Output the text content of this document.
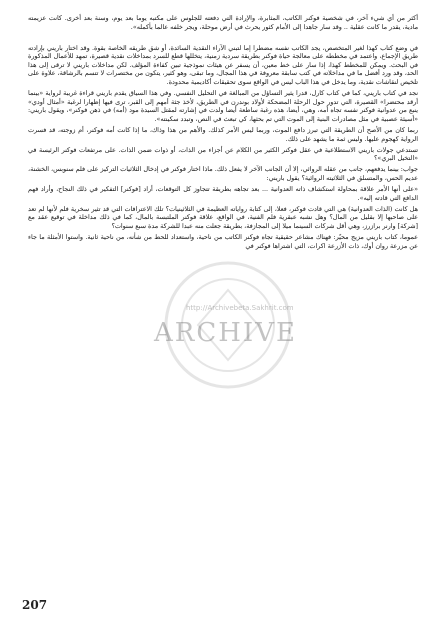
http://Archivebeta.Sakhrit.com
ARCHIVE

أكثر من أي شيء آخر، في شخصية فوكنر الكاتب، المثابرة، والإرادة التي دفعته للجلوس على مكتبه يوما بعد يوم، وسنة بعد أخرى. كانت عزيمته مادية، يقدر ما كانت عقلية .. وقد سار جاهدا إلى الأمام كثور يحرث في أرض موحلة، ويجر خلفه عالما بأكمله».

في وضع كتاب كهذا لغير المتخصص، يجد الكاتب نفسه مضطرا إما لتبني الآراء النقدية السائدة، أو شق طريقه الخاصة بقوة. وقد اختار باريني بإرادته طريق الإجماع، واعتمد في مخططه على معالجة حياة فوكنر بطريقة سردية زمنية، يتخللها قطع للسرد بمداخلات نقدية قصيرة، تمهد للأعمال المذكورة في البحث. ويمكن للمخطط كهذا، إذا سار على خط معين، أن يسفر عن هيئات نموذجية تبين كفاءة المؤلف. لكن مداخلات باريني لا ترقى إلى هذا الحد، وقد ورد أفضل ما في مداخلاته في كتب سابقة معروفة في هذا المجال، وما تبقى، وهو كثير، يتكون من مختصرات لا تتسم بالرشاقة، علاوة على تلخيص لنقاشات نقدية، وما يدخل في هذا الباب ليس في الواقع سوى تحقيقات أكاديمية محدودة.

نجد في كتاب باريني، كما في كتاب كارل، قدرا يثير التساؤل من المبالغة في التحليل النفسي. وفي هذا السياق يقدم باريني قراءة غريبة لرواية «بينما أرقد محتضرا» القصيرة، التي تدور حول الرحلة المضحكة لأولاد بوندرن في الطريق، لأخذ جثة أمهم إلى القبر، ترى فيها إظهارا لرغبة «أمثال أودي» ينبع من عدوانية فوكنر نفسه تجاه أمه، وهي، أيضا، هذه رغبة ساطعة أيضا ولدت في إشارته لمقتل السيدة مود (أمه) في ذهن فوكنر»، ويقول باريني: «أسيئة عصبية في مثل مصادرات البنية إلى الموت التي تم بحثها، كي تبعث في النص، وتبدد سكينته».

ربما كان من الأصح أن الطريقة التي تبرز دافع الموت، وربما ليس الأمر كذلك. والأهم من هذا وذاك، ما إذا كانت أمه فوكنر، أم زوجته، قد فسرت الرواية كهجوم عليها. وليس ثمة ما يشهد على ذلك.

تستدعي جولات باريني الاستطلاعية في عقل فوكنر الكثير من الكلام عن أجزاء من الذات، أو ذوات ضمن الذات. على مرتفعات فوكنر الرئيسة في «التخيل البري»؟

جواب: بينما يدفعهم، جانب من عقله الروائي، إلا أن الجانب الآخر لا يفعل ذلك. ماذا اختار فوكنر في إدخال الثلاثيات التركيز على فلم سنوبس، الخشنة، عديم الحس، والمتسلق في الثلاثيته الروائية؟ يقول باريني:

«على أنها الأمر علاقة بمحاولة استكشاف ذاته العدوانية ... بعد تجاهه بطريقة تتجاوز كل التوقعات، أراد [فوكنر] التفكير في ذلك النجاح، وأراد فهم الدافع التي قادته إليه».

هل كانت (الذات العدوانية) هي التي قادت فوكنر، فعلا، إلى كتابة رواياته العظيمة في الثلاثينيات؟ تلك الاعترافات التي قد تثير سخرية فلم لأنها لم تعد على صاحبها إلا بقليل من المال؟ وهل نشبه عبقرية فلم الفنية، في الواقع، علاقة فوكنر الملتبسة بالمال، كما في ذلك مداخلة في توقيع عقد مع [شركة] وارنر برازرز، وهي أقل شركات السينما ميلا إلى المجازفة، بطريقة جعلت منه عبدا للشركة مدة سبع سنوات؟

عموما، كتاب باريني مزيج محيّر: فهناك مشاعر حقيقية تجاه فوكنر الكاتب من ناحية، واستعداد للحط من شأنه، من ناحية ثانية. واستوا الأمثلة ما جاء عن مزرعة روان أوك، ذات الأزرعة اكرات، التي اشتراها فوكنر في

207
